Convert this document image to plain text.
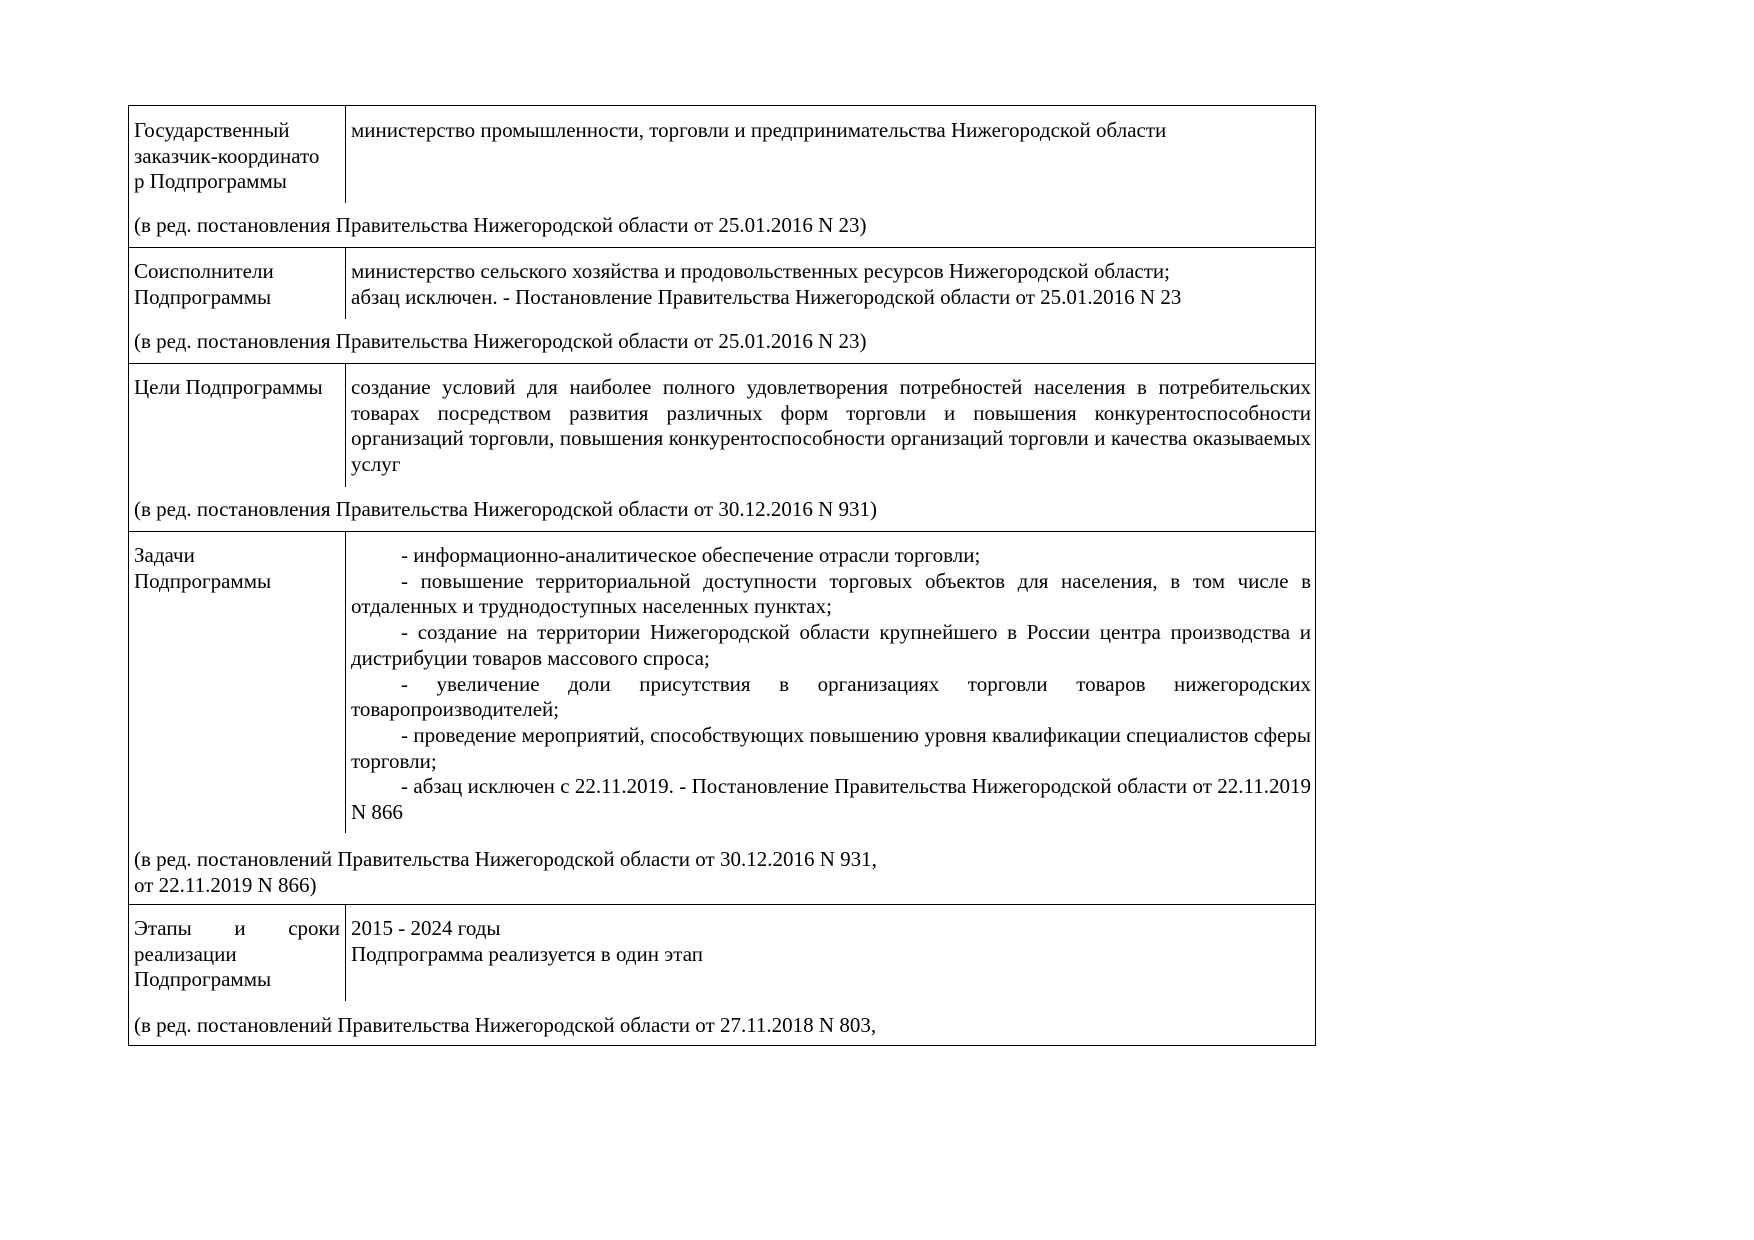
Государственный
заказчик-координато
р Подпрограммы
министерство промышленности, торговли и предпринимательства Нижегородской области
(в ред. постановления Правительства Нижегородской области от 25.01.2016 N 23)
Соисполнители
Подпрограммы
министерство сельского хозяйства и продовольственных ресурсов Нижегородской области;
абзац исключен. - Постановление Правительства Нижегородской области от 25.01.2016 N 23
(в ред. постановления Правительства Нижегородской области от 25.01.2016 N 23)
Цели Подпрограммы	создание условий для наиболее полного удовлетворения потребностей населения в потребительских товарах посредством развития различных форм торговли и повышения конкурентоспособности организаций торговли, повышения конкурентоспособности организаций торговли и качества оказываемых услуг
(в ред. постановления Правительства Нижегородской области от 30.12.2016 N 931)
Задачи
Подпрограммы
- информационно-аналитическое обеспечение отрасли торговли;
- повышение территориальной доступности торговых объектов для населения, в том числе в отдаленных и труднодоступных населенных пунктах;
- создание на территории Нижегородской области крупнейшего в России центра производства и дистрибуции товаров массового спроса;
- увеличение доли присутствия в организациях торговли товаров нижегородских товаропроизводителей;
- проведение мероприятий, способствующих повышению уровня квалификации специалистов сферы торговли;
- абзац исключен с 22.11.2019. - Постановление Правительства Нижегородской области от 22.11.2019 N 866
(в ред. постановлений Правительства Нижегородской области от 30.12.2016 N 931,
от 22.11.2019 N 866)
Этапы и сроки
реализации
Подпрограммы
2015 - 2024 годы
Подпрограмма реализуется в один этап
(в ред. постановлений Правительства Нижегородской области от 27.11.2018 N 803,
